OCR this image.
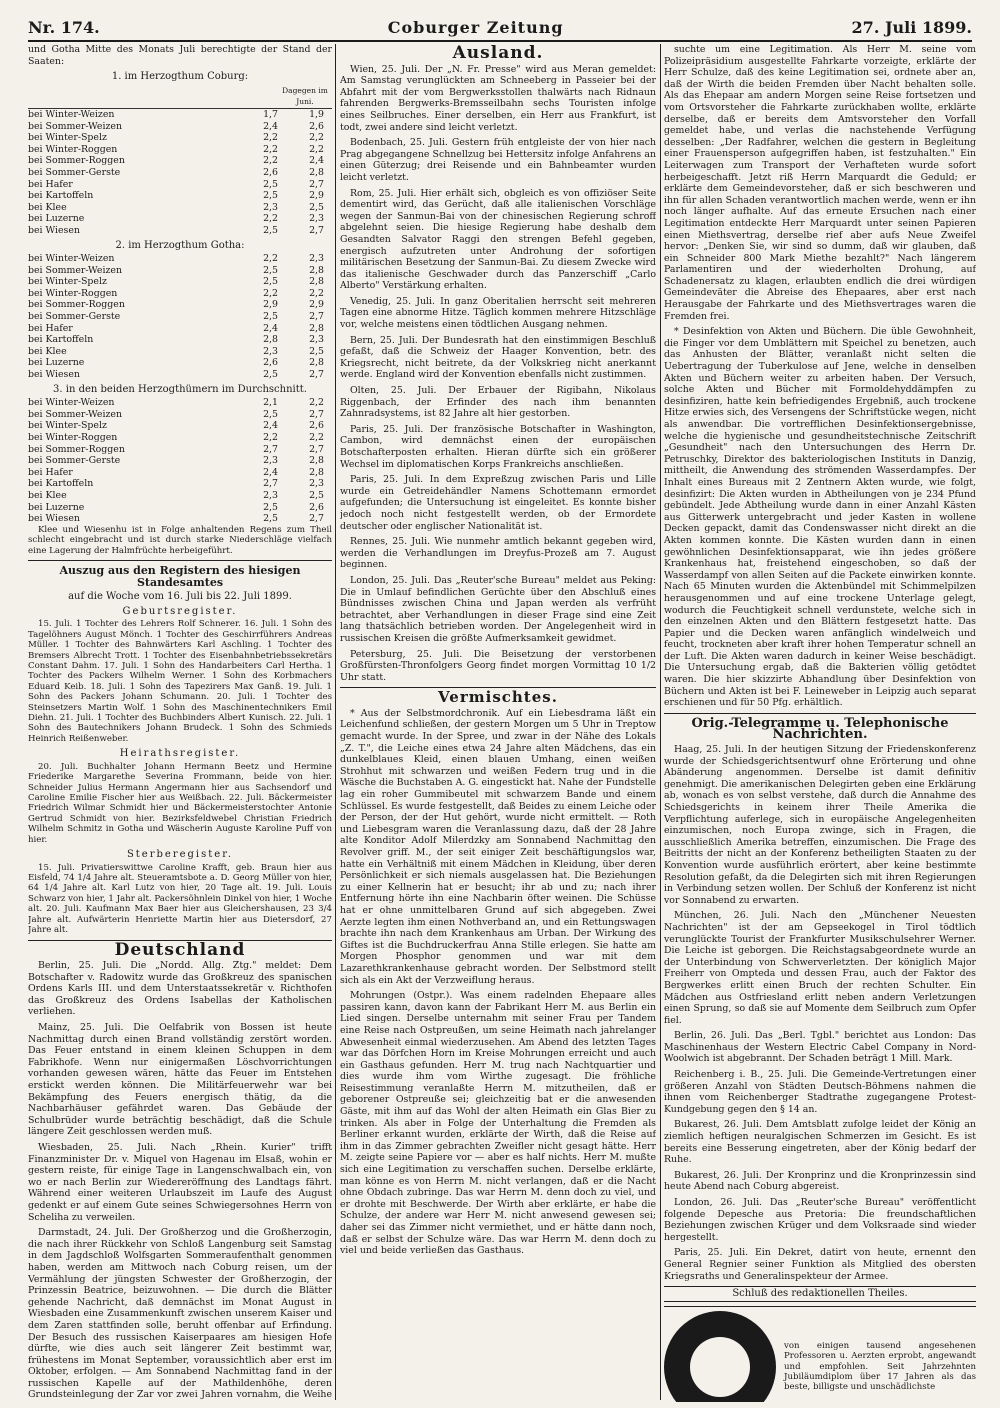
Nr. 174.	Coburger Zeitung	27. Juli 1899.

und Gotha Mitte des Monats Juli berechtigte der Stand der Saaten:

1. im Herzogthum Coburg:
		Dagegen im Juni.
bei Winter-Weizen	1,7	1,9
bei Sommer-Weizen	2,4	2,6
bei Winter-Spelz	2,2	2,2
bei Winter-Roggen	2,2	2,2
bei Sommer-Roggen	2,2	2,4
bei Sommer-Gerste	2,6	2,8
bei Hafer	2,5	2,7
bei Kartoffeln	2,5	2,9
bei Klee	2,3	2,5
bei Luzerne	2,2	2,3
bei Wiesen	2,5	2,7
2. im Herzogthum Gotha:
bei Winter-Weizen	2,2	2,3
bei Sommer-Weizen	2,5	2,8
bei Winter-Spelz	2,5	2,8
bei Winter-Roggen	2,2	2,2
bei Sommer-Roggen	2,9	2,9
bei Sommer-Gerste	2,5	2,7
bei Hafer	2,4	2,8
bei Kartoffeln	2,8	2,3
bei Klee	2,3	2,5
bei Luzerne	2,6	2,8
bei Wiesen	2,5	2,7
3. in den beiden Herzogthümern im Durchschnitt.
bei Winter-Weizen	2,1	2,2
bei Sommer-Weizen	2,5	2,7
bei Winter-Spelz	2,4	2,6
bei Winter-Roggen	2,2	2,2
bei Sommer-Roggen	2,7	2,7
bei Sommer-Gerste	2,3	2,8
bei Hafer	2,4	2,8
bei Kartoffeln	2,7	2,3
bei Klee	2,3	2,5
bei Luzerne	2,5	2,6
bei Wiesen	2,5	2,7

Klee und Wiesenhu ist in Folge anhaltenden Regens zum Theil schlecht eingebracht und ist durch starke Niederschläge vielfach eine Lagerung der Halmfrüchte herbeigeführt.

Auszug aus den Registern des hiesigen Standesamtes
auf die Woche vom 16. Juli bis 22. Juli 1899.
Geburtsregister.

15. Juli. 1 Tochter des Lehrers Rolf Schnerer. 16. Juli. 1 Sohn des Tagelöhners August Mönch. 1 Tochter des Geschirrführers Andreas Müller. 1 Tochter des Bahnwärters Karl Aschling. 1 Tochter des Bremsers Albrecht Trott. 1 Tochter des Eisenbahnbetriebssekretärs Constant Dahm. 17. Juli. 1 Sohn des Handarbeiters Carl Hertha. 1 Tochter des Packers Wilhelm Werner. 1 Sohn des Korbmachers Eduard Keib. 18. Juli. 1 Sohn des Tapezirers Max Ganß. 19. Juli. 1 Sohn des Packers Johann Schumann. 20. Juli. 1 Tochter des Steinsetzers Martin Wolf. 1 Sohn des Maschinentechnikers Emil Diehn. 21. Juli. 1 Tochter des Buchbinders Albert Kunisch. 22. Juli. 1 Sohn des Bautechnikers Johann Brudeck. 1 Sohn des Schmieds Heinrich Reißenweber.

Heirathsregister.

20. Juli. Buchhalter Johann Hermann Beetz und Hermine Friederike Margarethe Severina Frommann, beide von hier. Schneider Julius Hermann Angermann hier aus Sachsendorf und Caroline Emilie Fischer hier aus Weißbach. 22. Juli. Bäckermeister Friedrich Wilmar Schmidt hier und Bäckermeisterstochter Antonie Gertrud Schmidt von hier. Bezirksfeldwebel Christian Friedrich Wilhelm Schmitz in Gotha und Wäscherin Auguste Karoline Puff von hier.

Sterberegister.

15. Juli. Privatierswittwe Caroline Krafft, geb. Braun hier aus Eisfeld, 74 1/4 Jahre alt. Steueramtsbote a. D. Georg Müller von hier, 64 1/4 Jahre alt. Karl Lutz von hier, 20 Tage alt. 19. Juli. Louis Schwarz von hier, 1 Jahr alt. Packersöhnlein Dinkel von hier, 1 Woche alt. 20. Juli. Kaufmann Max Baer hier aus Gleichershausen, 23 3/4 Jahre alt. Aufwärterin Henriette Martin hier aus Dietersdorf, 27 Jahre alt.

Deutschland

Berlin, 25. Juli. Die „Nordd. Allg. Ztg." meldet: Dem Botschafter v. Radowitz wurde das Großkreuz des spanischen Ordens Karls III. und dem Unterstaatssekretär v. Richthofen das Großkreuz des Ordens Isabellas der Katholischen verliehen.

Mainz, 25. Juli. Die Oelfabrik von Bossen ist heute Nachmittag durch einen Brand vollständig zerstört worden. Das Feuer entstand in einem kleinen Schuppen in dem Fabrikhofe. Wenn nur einigermaßen Löschvorrichtungen vorhanden gewesen wären, hätte das Feuer im Entstehen erstickt werden können. Die Militärfeuerwehr war bei Bekämpfung des Feuers energisch thätig, da die Nachbarhäuser gefährdet waren. Das Gebäude der Schulbrüder wurde beträchtig beschädigt, daß die Schule längere Zeit geschlossen werden muß.

Wiesbaden, 25. Juli. Nach „Rhein. Kurier" trifft Finanzminister Dr. v. Miquel von Hagenau im Elsaß, wohin er gestern reiste, für einige Tage in Langenschwalbach ein, von wo er nach Berlin zur Wiedereröffnung des Landtags fährt. Während einer weiteren Urlaubszeit im Laufe des August gedenkt er auf einem Gute seines Schwiegersohnes Herrn von Scheliha zu verweilen.

Darmstadt, 24. Juli. Der Großherzog und die Großherzogin, die nach ihrer Rückkehr von Schloß Langenburg seit Samstag in dem Jagdschloß Wolfsgarten Sommeraufenthalt genommen haben, werden am Mittwoch nach Coburg reisen, um der Vermählung der jüngsten Schwester der Großherzogin, der Prinzessin Beatrice, beizuwohnen. — Die durch die Blätter gehende Nachricht, daß demnächst im Monat August in Wiesbaden eine Zusammenkunft zwischen unserem Kaiser und dem Zaren stattfinden solle, beruht offenbar auf Erfindung. Der Besuch des russischen Kaiserpaares am hiesigen Hofe dürfte, wie dies auch seit längerer Zeit bestimmt war, frühestens im Monat September, voraussichtlich aber erst im Oktober, erfolgen. — Am Sonnabend Nachmittag fand in der russischen Kapelle auf der Mathildenhöhe, deren Grundsteinlegung der Zar vor zwei Jahren vornahm, die Weihe

Ausland.

Wien, 25. Juli. Der „N. Fr. Presse" wird aus Meran gemeldet: Am Samstag verunglückten am Schneeberg in Passeier bei der Abfahrt mit der vom Bergwerksstollen thalwärts nach Ridnaun fahrenden Bergwerks-Bremsseilbahn sechs Touristen infolge eines Seilbruches. Einer derselben, ein Herr aus Frankfurt, ist todt, zwei andere sind leicht verletzt.

Bodenbach, 25. Juli. Gestern früh entgleiste der von hier nach Prag abgegangene Schnellzug bei Hettersitz infolge Anfahrens an einen Güterzug; drei Reisende und ein Bahnbeamter wurden leicht verletzt.

Rom, 25. Juli. Hier erhält sich, obgleich es von offiziöser Seite dementirt wird, das Gerücht, daß alle italienischen Vorschläge wegen der Sanmun-Bai von der chinesischen Regierung schroff abgelehnt seien. Die hiesige Regierung habe deshalb dem Gesandten Salvator Raggi den strengen Befehl gegeben, energisch aufzutreten unter Androhung der sofortigen militärischen Besetzung der Sanmun-Bai. Zu diesem Zwecke wird das italienische Geschwader durch das Panzerschiff „Carlo Alberto" Verstärkung erhalten.

Venedig, 25. Juli. In ganz Oberitalien herrscht seit mehreren Tagen eine abnorme Hitze. Täglich kommen mehrere Hitzschläge vor, welche meistens einen tödtlichen Ausgang nehmen.

Bern, 25. Juli. Der Bundesrath hat den einstimmigen Beschluß gefaßt, daß die Schweiz der Haager Konvention, betr. des Kriegsrecht, nicht beitrete, da der Volkskrieg nicht anerkannt werde. England wird der Konvention ebenfalls nicht zustimmen.

Olten, 25. Juli. Der Erbauer der Rigibahn, Nikolaus Riggenbach, der Erfinder des nach ihm benannten Zahnradsystems, ist 82 Jahre alt hier gestorben.

Paris, 25. Juli. Der französische Botschafter in Washington, Cambon, wird demnächst einen der europäischen Botschafterposten erhalten. Hieran dürfte sich ein größerer Wechsel im diplomatischen Korps Frankreichs anschließen.

Paris, 25. Juli. In dem Expreßzug zwischen Paris und Lille wurde ein Getreidehändler Namens Schottemann ermordet aufgefunden; die Untersuchung ist eingeleitet. Es konnte bisher jedoch noch nicht festgestellt werden, ob der Ermordete deutscher oder englischer Nationalität ist.

Rennes, 25. Juli. Wie nunmehr amtlich bekannt gegeben wird, werden die Verhandlungen im Dreyfus-Prozeß am 7. August beginnen.

London, 25. Juli. Das „Reuter'sche Bureau" meldet aus Peking: Die in Umlauf befindlichen Gerüchte über den Abschluß eines Bündnisses zwischen China und Japan werden als verfrüht betrachtet, aber Verhandlungen in dieser Frage sind eine Zeit lang thatsächlich betrieben worden. Der Angelegenheit wird in russischen Kreisen die größte Aufmerksamkeit gewidmet.

Petersburg, 25. Juli. Die Beisetzung der verstorbenen Großfürsten-Thronfolgers Georg findet morgen Vormittag 10 1/2 Uhr statt.

Vermischtes.

* Aus der Selbstmordchronik. Auf ein Liebesdrama läßt ein Leichenfund schließen, der gestern Morgen um 5 Uhr in Treptow gemacht wurde. In der Spree, und zwar in der Nähe des Lokals „Z. T.", die Leiche eines etwa 24 Jahre alten Mädchens, das ein dunkelblaues Kleid, einen blauen Umhang, einen weißen Strohhut mit schwarzen und weißen Federn trug und in die Wäsche die Buchstaben A. G. eingestickt hat. Nahe der Fundstelle lag ein roher Gummibeutel mit schwarzem Bande und einem Schlüssel. Es wurde festgestellt, daß Beides zu einem Leiche oder der Person, der der Hut gehört, wurde nicht ermittelt. — Roth und Liebesgram waren die Veranlassung dazu, daß der 28 Jahre alte Konditor Adolf Milerdzky am Sonnabend Nachmittag den Revolver griff. M., der seit einiger Zeit beschäftigungslos war, hatte ein Verhältniß mit einem Mädchen in Kleidung, über deren Persönlichkeit er sich niemals ausgelassen hat. Die Beziehungen zu einer Kellnerin hat er besucht; ihr ab und zu; nach ihrer Entfernung hörte ihn eine Nachbarin öfter weinen. Die Schüsse hat er ohne unmittelbaren Grund auf sich abgegeben. Zwei Aerzte legten ihm einen Nothverband an, und ein Rettungswagen brachte ihn nach dem Krankenhaus am Urban. Der Wirkung des Giftes ist die Buchdruckerfrau Anna Stille erlegen. Sie hatte am Morgen Phosphor genommen und war mit dem Lazarethkrankenhause gebracht worden. Der Selbstmord stellt sich als ein Akt der Verzweiflung heraus.

Mohrungen (Ostpr.). Was einem radelnden Ehepaare alles passiren kann, davon kann der Fabrikant Herr M. aus Berlin ein Lied singen. Derselbe unternahm mit seiner Frau per Tandem eine Reise nach Ostpreußen, um seine Heimath nach jahrelanger Abwesenheit einmal wiederzusehen. Am Abend des letzten Tages war das Dörfchen Horn im Kreise Mohrungen erreicht und auch ein Gasthaus gefunden. Herr M. trug nach Nachtquartier und dies wurde ihm vom Wirthe zugesagt. Die fröhliche Reisestimmung veranlaßte Herrn M. mitzutheilen, daß er geborener Ostpreuße sei; gleichzeitig bat er die anwesenden Gäste, mit ihm auf das Wohl der alten Heimath ein Glas Bier zu trinken. Als aber in Folge der Unterhaltung die Fremden als Berliner erkannt wurden, erklärte der Wirth, daß die Reise auf ihm in das Zimmer gebrachten Zweifler nicht gesagt hätte. Herr M. zeigte seine Papiere vor — aber es half nichts. Herr M. mußte sich eine Legitimation zu verschaffen suchen. Derselbe erklärte, man könne es von Herrn M. nicht verlangen, daß er die Nacht ohne Obdach zubringe. Das war Herrn M. denn doch zu viel, und er drohte mit Beschwerde. Der Wirth aber erklärte, er habe die Schulze, der andere war Herr M. nicht anwesend gewesen sei; daher sei das Zimmer nicht vermiethet, und er hätte dann noch, daß er selbst der Schulze wäre. Das war Herrn M. denn doch zu viel und beide verließen das Gasthaus.

suchte um eine Legitimation. Als Herr M. seine vom Polizeipräsidium ausgestellte Fahrkarte vorzeigte, erklärte der Herr Schulze, daß des keine Legitimation sei, ordnete aber an, daß der Wirth die beiden Fremden über Nacht behalten solle. Als das Ehepaar am andern Morgen seine Reise fortsetzen und vom Ortsvorsteher die Fahrkarte zurückhaben wollte, erklärte derselbe, daß er bereits dem Amtsvorsteher den Vorfall gemeldet habe, und verlas die nachstehende Verfügung desselben: „Der Radfahrer, welchen die gestern in Begleitung einer Frauensperson aufgegriffen haben, ist festzuhalten." Ein Leiterwagen zum Transport der Verhafteten wurde sofort herbeigeschafft. Jetzt riß Herrn Marquardt die Geduld; er erklärte dem Gemeindevorsteher, daß er sich beschweren und ihn für allen Schaden verantwortlich machen werde, wenn er ihn noch länger aufhalte. Auf das erneute Ersuchen nach einer Legitimation entdeckte Herr Marquardt unter seinen Papieren einen Miethsvertrag, derselbe rief aber aufs Neue Zweifel hervor: „Denken Sie, wir sind so dumm, daß wir glauben, daß ein Schneider 800 Mark Miethe bezahlt?" Nach längerem Parlamentiren und der wiederholten Drohung, auf Schadenersatz zu klagen, erlaubten endlich die drei würdigen Gemeindeväter die Abreise des Ehepaares, aber erst nach Herausgabe der Fahrkarte und des Miethsvertrages waren die Fremden frei.

* Desinfektion von Akten und Büchern. Die üble Gewohnheit, die Finger vor dem Umblättern mit Speichel zu benetzen, auch das Anhusten der Blätter, veranlaßt nicht selten die Uebertragung der Tuberkulose auf Jene, welche in denselben Akten und Büchern weiter zu arbeiten haben. Der Versuch, solche Akten und Bücher mit Formoldehyddämpfen zu desinfiziren, hatte kein befriedigendes Ergebniß, auch trockene Hitze erwies sich, des Versengens der Schriftstücke wegen, nicht als anwendbar. Die vortrefflichen Desinfektionsergebnisse, welche die hygienische und gesundheitstechnische Zeitschrift „Gesundheit" nach den Untersuchungen des Herrn Dr. Petruschky, Direktor des bakteriologischen Instituts in Danzig, mittheilt, die Anwendung des strömenden Wasserdampfes. Der Inhalt eines Bureaus mit 2 Zentnern Akten wurde, wie folgt, desinfizirt: Die Akten wurden in Abtheilungen von je 234 Pfund gebündelt. Jede Abtheilung wurde dann in einer Anzahl Kästen aus Gitterwerk untergebracht und jeder Kasten in wollene Decken gepackt, damit das Condenswasser nicht direkt an die Akten kommen konnte. Die Kästen wurden dann in einen gewöhnlichen Desinfektionsapparat, wie ihn jedes größere Krankenhaus hat, freistehend eingeschoben, so daß der Wasserdampf von allen Seiten auf die Packete einwirken konnte. Nach 65 Minuten wurden die Aktenbündel mit Schimmelpilzen herausgenommen und auf eine trockene Unterlage gelegt, wodurch die Feuchtigkeit schnell verdunstete, welche sich in den einzelnen Akten und den Blättern festgesetzt hatte. Das Papier und die Decken waren anfänglich windelweich und feucht, trockneten aber kraft ihrer hohen Temperatur schnell an der Luft. Die Akten waren dadurch in keiner Weise beschädigt. Die Untersuchung ergab, daß die Bakterien völlig getödtet waren. Die hier skizzirte Abhandlung über Desinfektion von Büchern und Akten ist bei F. Leineweber in Leipzig auch separat erschienen und für 50 Pfg. erhältlich.

Orig.-Telegramme u. Telephonische Nachrichten.

Haag, 25. Juli. In der heutigen Sitzung der Friedenskonferenz wurde der Schiedsgerichtsentwurf ohne Erörterung und ohne Abänderung angenommen. Derselbe ist damit definitiv genehmigt. Die amerikanischen Delegirten geben eine Erklärung ab, wonach es von selbst verstehe, daß durch die Annahme des Schiedsgerichts in keinem ihrer Theile Amerika die Verpflichtung auferlege, sich in europäische Angelegenheiten einzumischen, noch Europa zwinge, sich in Fragen, die ausschließlich Amerika betreffen, einzumischen. Die Frage des Beitritts der nicht an der Konferenz betheiligten Staaten zu der Konvention wurde ausführlich erörtert, aber keine bestimmte Resolution gefaßt, da die Delegirten sich mit ihren Regierungen in Verbindung setzen wollen. Der Schluß der Konferenz ist nicht vor Sonnabend zu erwarten.

München, 26. Juli. Nach den „Münchener Neuesten Nachrichten" ist der am Gepseekogel in Tirol tödtlich verunglückte Tourist der Frankfurter Musikschulsehrer Werner. Die Leiche ist geborgen. Die Reichstagsabgeordnete wurde an der Unterbindung von Schwerverletzten. Der königlich Major Freiherr von Ompteda und dessen Frau, auch der Faktor des Bergwerkes erlitt einen Bruch der rechten Schulter. Ein Mädchen aus Ostfriesland erlitt neben andern Verletzungen einen Sprung, so daß sie auf Momente dem Seilbruch zum Opfer fiel.

Berlin, 26. Juli. Das „Berl. Tgbl." berichtet aus London: Das Maschinenhaus der Western Electric Cabel Company in Nord-Woolwich ist abgebrannt. Der Schaden beträgt 1 Mill. Mark.

Reichenberg i. B., 25. Juli. Die Gemeinde-Vertretungen einer größeren Anzahl von Städten Deutsch-Böhmens nahmen die ihnen vom Reichenberger Stadtrathe zugegangene Protest-Kundgebung gegen den § 14 an.

Bukarest, 26. Juli. Dem Amtsblatt zufolge leidet der König an ziemlich heftigen neuralgischen Schmerzen im Gesicht. Es ist bereits eine Besserung eingetreten, aber der König bedarf der Ruhe.

Bukarest, 26. Juli. Der Kronprinz und die Kronprinzessin sind heute Abend nach Coburg abgereist.

London, 26. Juli. Das „Reuter'sche Bureau" veröffentlicht folgende Depesche aus Pretoria: Die freundschaftlichen Beziehungen zwischen Krüger und dem Volksraade sind wieder hergestellt.

Paris, 25. Juli. Ein Dekret, datirt von heute, ernennt den General Regnier seiner Funktion als Mitglied des obersten Kriegsraths und Generalinspekteur der Armee.

Schluß des redaktionellen Theiles.

von einigen tausend angesehenen Professoren u. Aerzten erprobt, angewandt und empfohlen. Seit Jahrzehnten Jubiläumdiplom über 17 Jahren als das beste, billigste und unschädlichste
